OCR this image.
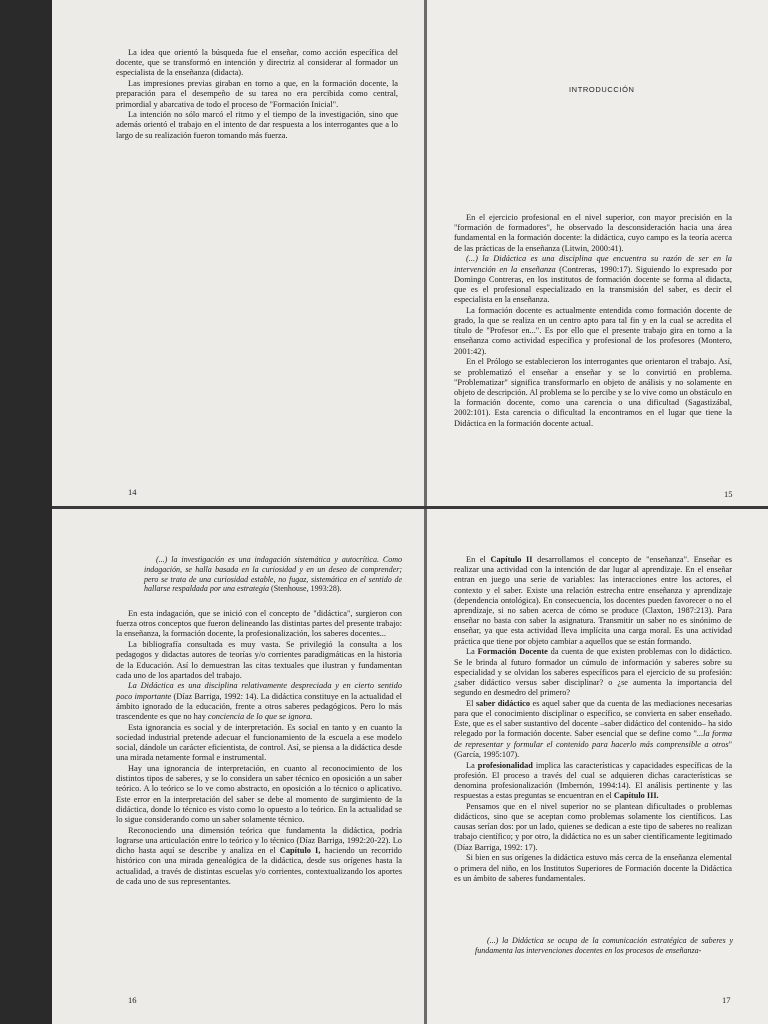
La idea que orientó la búsqueda fue el enseñar, como acción específica del docente, que se transformó en intención y directriz al considerar al formador un especialista de la enseñanza (didacta).

Las impresiones previas giraban en torno a que, en la formación docente, la preparación para el desempeño de su tarea no era percibida como central, primordial y abarcativa de todo el proceso de "Formación Inicial".

La intención no sólo marcó el ritmo y el tiempo de la investigación, sino que además orientó el trabajo en el intento de dar respuesta a los interrogantes que a lo largo de su realización fueron tomando más fuerza.

14
INTRODUCCIÓN

En el ejercicio profesional en el nivel superior, con mayor precisión en la "formación de formadores", he observado la desconsideración hacia una área fundamental en la formación docente: la didáctica, cuyo campo es la teoría acerca de las prácticas de la enseñanza (Litwin, 2000:41).

(...) la Didáctica es una disciplina que encuentra su razón de ser en la intervención en la enseñanza (Contreras, 1990:17). Siguiendo lo expresado por Domingo Contreras, en los institutos de formación docente se forma al didacta, que es el profesional especializado en la transmisión del saber, es decir el especialista en la enseñanza.

La formación docente es actualmente entendida como formación docente de grado, la que se realiza en un centro apto para tal fin y en la cual se acredita el título de "Profesor en...". Es por ello que el presente trabajo gira en torno a la enseñanza como actividad específica y profesional de los profesores (Montero, 2001:42).

En el Prólogo se establecieron los interrogantes que orientaron el trabajo. Así, se problematizó el enseñar a enseñar y se lo convirtió en problema. "Problematizar" significa transformarlo en objeto de análisis y no solamente en objeto de descripción. Al problema se lo percibe y se lo vive como un obstáculo en la formación docente, como una carencia o una dificultad (Sagastizábal, 2002:101). Esta carencia o dificultad la encontramos en el lugar que tiene la Didáctica en la formación docente actual.

15

(...) la investigación es una indagación sistemática y autocrítica. Como indagación, se halla basada en la curiosidad y en un deseo de comprender; pero se trata de una curiosidad estable, no fugaz, sistemática en el sentido de hallarse respaldada por una estrategia (Stenhouse, 1993:28).

En esta indagación, que se inició con el concepto de "didáctica", surgieron con fuerza otros conceptos que fueron delineando las distintas partes del presente trabajo: la enseñanza, la formación docente, la profesionalización, los saberes docentes...

La bibliografía consultada es muy vasta. Se privilegió la consulta a los pedagogos y didactas autores de teorías y/o corrientes paradigmáticas en la historia de la Educación. Así lo demuestran las citas textuales que ilustran y fundamentan cada uno de los apartados del trabajo.

La Didáctica es una disciplina relativamente despreciada y en cierto sentido poco importante (Díaz Barriga, 1992: 14). La didáctica constituye en la actualidad el ámbito ignorado de la educación, frente a otros saberes pedagógicos. Pero lo más trascendente es que no hay conciencia de lo que se ignora.

Esta ignorancia es social y de interpretación. Es social en tanto y en cuanto la sociedad industrial pretende adecuar el funcionamiento de la escuela a ese modelo social, dándole un carácter eficientista, de control. Así, se piensa a la didáctica desde una mirada netamente formal e instrumental.

Hay una ignorancia de interpretación, en cuanto al reconocimiento de los distintos tipos de saberes, y se lo considera un saber técnico en oposición a un saber teórico. A lo teórico se lo ve como abstracto, en oposición a lo técnico o aplicativo. Este error en la interpretación del saber se debe al momento de surgimiento de la didáctica, donde lo técnico es visto como lo opuesto a lo teórico. En la actualidad se lo sigue considerando como un saber solamente técnico.

Reconociendo una dimensión teórica que fundamenta la didáctica, podría lograrse una articulación entre lo teórico y lo técnico (Díaz Barriga, 1992:20-22). Lo dicho hasta aquí se describe y analiza en el Capítulo I, haciendo un recorrido histórico con una mirada genealógica de la didáctica, desde sus orígenes hasta la actualidad, a través de distintas escuelas y/o corrientes, contextualizando los aportes de cada uno de sus representantes.

16

En el Capítulo II desarrollamos el concepto de "enseñanza". Enseñar es realizar una actividad con la intención de dar lugar al aprendizaje. En el enseñar entran en juego una serie de variables: las interacciones entre los actores, el contexto y el saber. Existe una relación estrecha entre enseñanza y aprendizaje (dependencia ontológica). En consecuencia, los docentes pueden favorecer o no el aprendizaje, si no saben acerca de cómo se produce (Claxton, 1987:213). Para enseñar no basta con saber la asignatura. Transmitir un saber no es sinónimo de enseñar, ya que esta actividad lleva implícita una carga moral. Es una actividad práctica que tiene por objeto cambiar a aquellos que se están formando.

La Formación Docente da cuenta de que existen problemas con lo didáctico. Se le brinda al futuro formador un cúmulo de información y saberes sobre su especialidad y se olvidan los saberes específicos para el ejercicio de su profesión: ¿saber didáctico versus saber disciplinar? o ¿se aumenta la importancia del segundo en desmedro del primero?

El saber didáctico es aquel saber que da cuenta de las mediaciones necesarias para que el conocimiento disciplinar o específico, se convierta en saber enseñado. Este, que es el saber sustantivo del docente –saber didáctico del contenido– ha sido relegado por la formación docente. Saber esencial que se define como "...la forma de representar y formular el contenido para hacerlo más comprensible a otros" (García, 1995:107).

La profesionalidad implica las características y capacidades específicas de la profesión. El proceso a través del cual se adquieren dichas características se denomina profesionalización (Imbernón, 1994:14). El análisis pertinente y las respuestas a estas preguntas se encuentran en el Capítulo III.

Pensamos que en el nivel superior no se plantean dificultades o problemas didácticos, sino que se aceptan como problemas solamente los científicos. Las causas serían dos: por un lado, quienes se dedican a este tipo de saberes no realizan trabajo científico; y por otro, la didáctica no es un saber científicamente legitimado (Díaz Barriga, 1992: 17).

Si bien en sus orígenes la didáctica estuvo más cerca de la enseñanza elemental o primera del niño, en los Institutos Superiores de Formación docente la Didáctica es un ámbito de saberes fundamentales.

(...) la Didáctica se ocupa de la comunicación estratégica de saberes y fundamenta las intervenciones docentes en los procesos de enseñanza-

17
